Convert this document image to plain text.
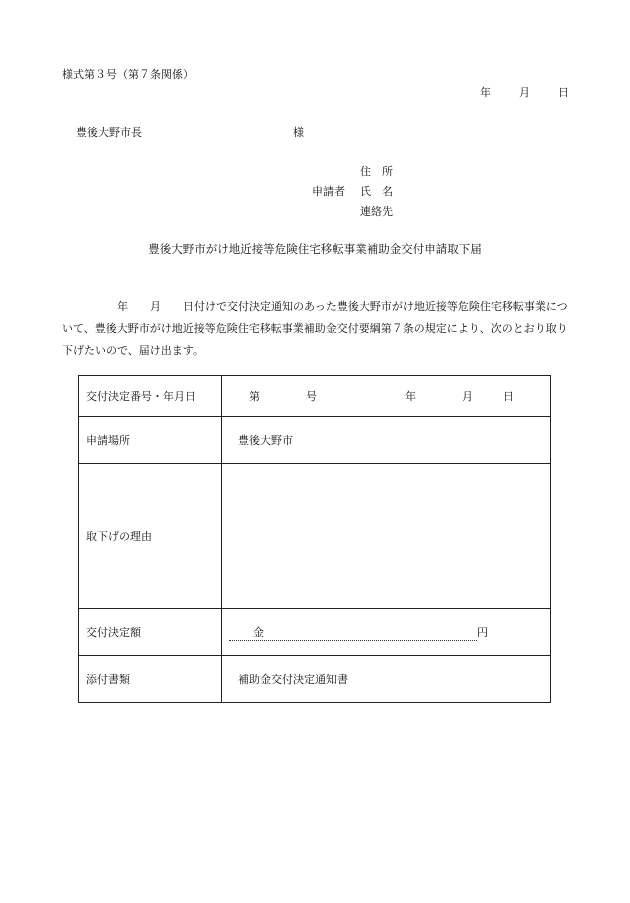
様式第３号（第７条関係）
年	月	日
豊後大野市長	様
住　所
申請者	氏　名
連絡先
豊後大野市がけ地近接等危険住宅移転事業補助金交付申請取下届

　　　　　年　　月　　日付けで交付決定通知のあった豊後大野市がけ地近接等危険住宅移転事業につ

いて、豊後大野市がけ地近接等危険住宅移転事業補助金交付要綱第７条の規定により、次のとおり取り

下げたいので、届け出ます。

交付決定番号・年月日	第 号 年 月 日
申請場所	豊後大野市
取下げの理由	
交付決定額	金 円
添付書類	補助金交付決定通知書
